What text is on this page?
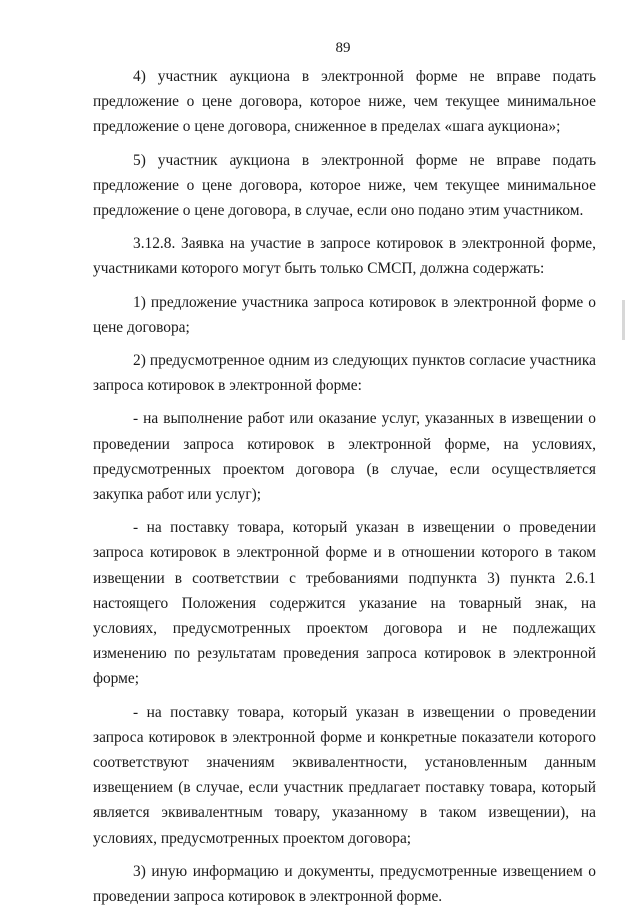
89

4) участник аукциона в электронной форме не вправе подать предложение о цене договора, которое ниже, чем текущее минимальное предложение о цене договора, сниженное в пределах «шага аукциона»;

5) участник аукциона в электронной форме не вправе подать предложение о цене договора, которое ниже, чем текущее минимальное предложение о цене договора, в случае, если оно подано этим участником.

3.12.8. Заявка на участие в запросе котировок в электронной форме, участниками которого могут быть только СМСП, должна содержать:

1) предложение участника запроса котировок в электронной форме о цене договора;

2) предусмотренное одним из следующих пунктов согласие участника запроса котировок в электронной форме:

- на выполнение работ или оказание услуг, указанных в извещении о проведении запроса котировок в электронной форме, на условиях, предусмотренных проектом договора (в случае, если осуществляется закупка работ или услуг);

- на поставку товара, который указан в извещении о проведении запроса котировок в электронной форме и в отношении которого в таком извещении в соответствии с требованиями подпункта 3) пункта 2.6.1 настоящего Положения содержится указание на товарный знак, на условиях, предусмотренных проектом договора и не подлежащих изменению по результатам проведения запроса котировок в электронной форме;

- на поставку товара, который указан в извещении о проведении запроса котировок в электронной форме и конкретные показатели которого соответствуют значениям эквивалентности, установленным данным извещением (в случае, если участник предлагает поставку товара, который является эквивалентным товару, указанному в таком извещении), на условиях, предусмотренных проектом договора;

3) иную информацию и документы, предусмотренные извещением о проведении запроса котировок в электронной форме.
